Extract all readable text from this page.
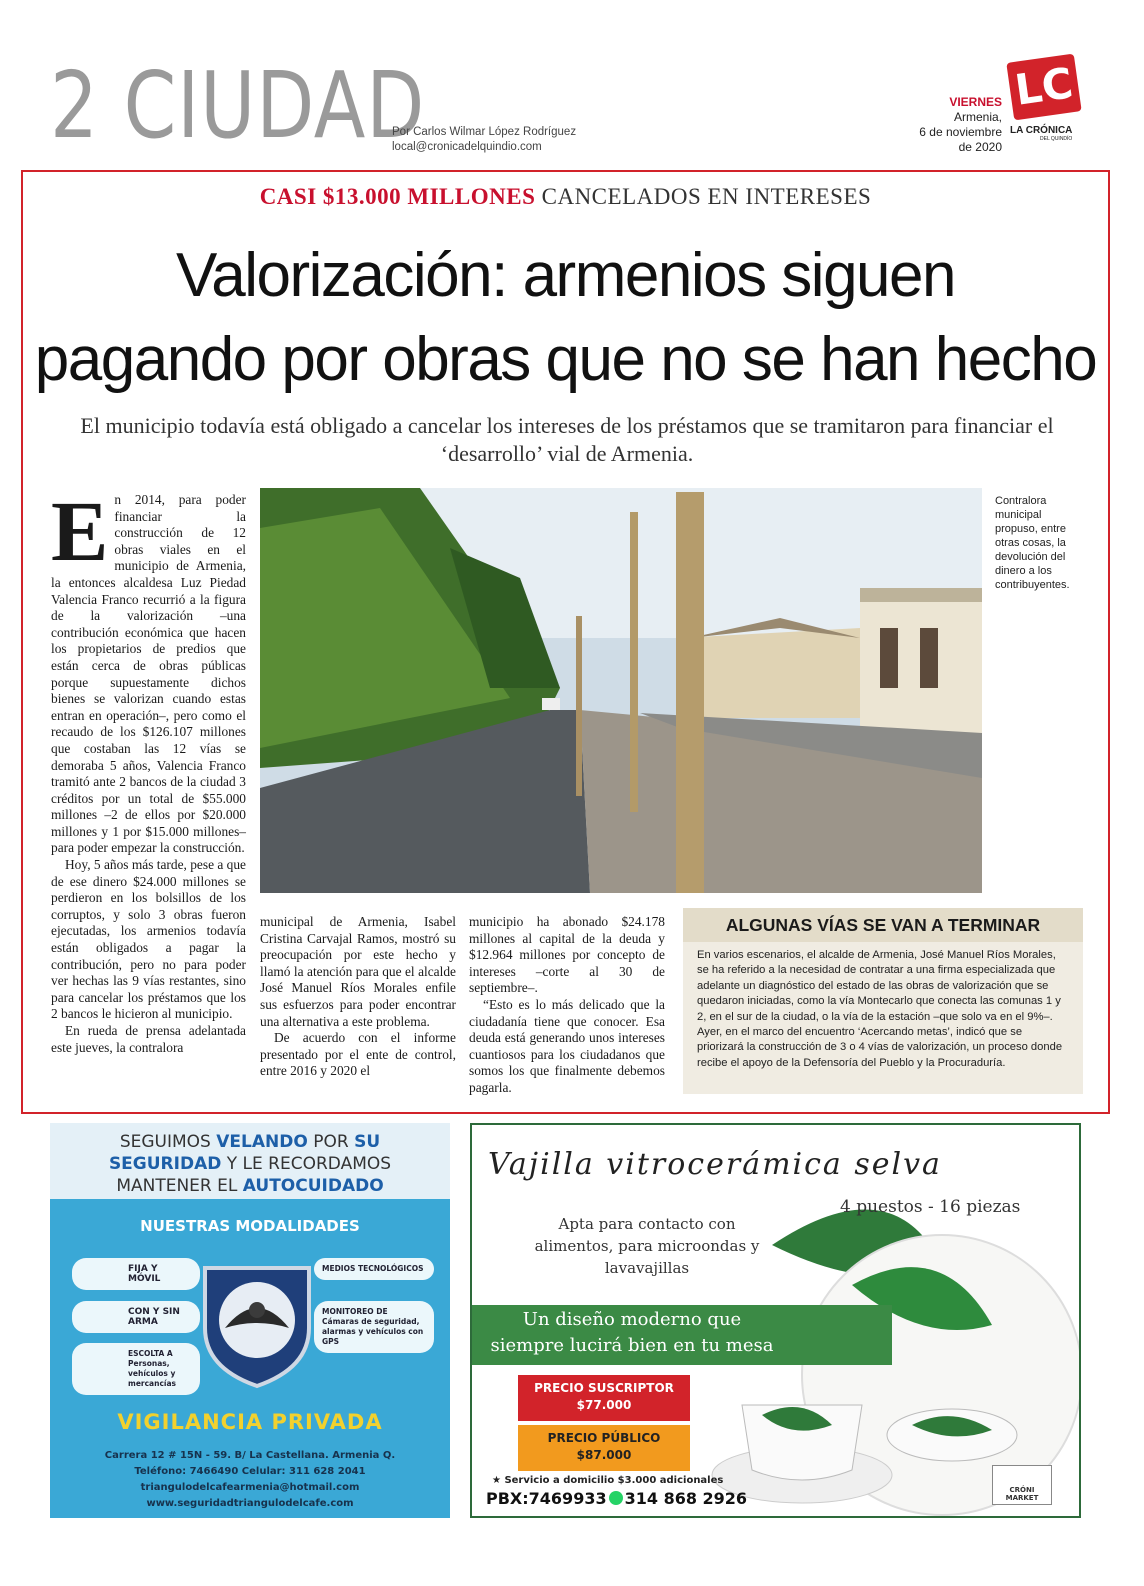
2 CIUDAD
Por Carlos Wilmar López Rodríguez
local@cronicadelquindio.com
VIERNES
Armenia,
6 de noviembre
de 2020
LC
LA CRÓNICA
DEL QUINDÍO
CASI $13.000 MILLONES CANCELADOS EN INTERESES
Valorización: armenios siguen
pagando por obras que no se han hecho
El municipio todavía está obligado a cancelar los intereses de los préstamos que se tramitaron para financiar el ‘desarrollo’ vial de Armenia.

En 2014, para poder financiar la construcción de 12 obras viales en el municipio de Armenia, la entonces alcaldesa Luz Piedad Valencia Franco recurrió a la figura de la valorización –una contribución económica que hacen los propietarios de predios que están cerca de obras públicas porque supuestamente dichos bienes se valorizan cuando estas entran en operación–, pero como el recaudo de los $126.107 millones que costaban las 12 vías se demoraba 5 años, Valencia Franco tramitó ante 2 bancos de la ciudad 3 créditos por un total de $55.000 millones –2 de ellos por $20.000 millones y 1 por $15.000 millones– para poder empezar la construcción.

Hoy, 5 años más tarde, pese a que de ese dinero $24.000 millones se perdieron en los bolsillos de los corruptos, y solo 3 obras fueron ejecutadas, los armenios todavía están obligados a pagar la contribución, pero no para poder ver hechas las 9 vías restantes, sino para cancelar los préstamos que los 2 bancos le hicieron al municipio.

En rueda de prensa adelantada este jueves, la contralora

Contralora municipal propuso, entre otras cosas, la devolución del dinero a los contribuyentes.

municipal de Armenia, Isabel Cristina Carvajal Ramos, mostró su preocupación por este hecho y llamó la atención para que el alcalde José Manuel Ríos Morales enfile sus esfuerzos para poder encontrar una alternativa a este problema.

De acuerdo con el informe presentado por el ente de control, entre 2016 y 2020 el

municipio ha abonado $24.178 millones al capital de la deuda y $12.964 millones por concepto de intereses –corte al 30 de septiembre–.

“Esto es lo más delicado que la ciudadanía tiene que conocer. Esa deuda está generando unos intereses cuantiosos para los ciudadanos que somos los que finalmente debemos pagarla.

ALGUNAS VÍAS SE VAN A TERMINAR
En varios escenarios, el alcalde de Armenia, José Manuel Ríos Morales, se ha referido a la necesidad de contratar a una firma especializada que adelante un diagnóstico del estado de las obras de valorización que se quedaron iniciadas, como la vía Montecarlo que conecta las comunas 1 y 2, en el sur de la ciudad, o la vía de la estación –que solo va en el 9%–.
Ayer, en el marco del encuentro ‘Acercando metas’, indicó que se priorizará la construcción de 3 o 4 vías de valorización, un proceso donde recibe el apoyo de la Defensoría del Pueblo y la Procuraduría.
SEGUIMOS VELANDO POR SU
SEGURIDAD Y LE RECORDAMOS
MANTENER EL AUTOCUIDADO
NUESTRAS MODALIDADES
FIJA Y MÓVIL
CON Y SIN ARMA
ESCOLTA A Personas, vehículos y mercancías
MEDIOS TECNOLÓGICOS
MONITOREO DE Cámaras de seguridad, alarmas y vehículos con GPS
VIGILANCIA PRIVADA
Carrera 12 # 15N - 59. B/ La Castellana. Armenia Q.
Teléfono: 7466490 Celular: 311 628 2041
triangulodelcafearmenia@hotmail.com
www.seguridadtriangulodelcafe.com
Vajilla vitrocerámica selva
4 puestos - 16 piezas
Apta para contacto con
alimentos, para microondas y
lavavajillas
Un diseño moderno que
siempre lucirá bien en tu mesa
PRECIO SUSCRIPTOR
$77.000
PRECIO PÚBLICO
$87.000
★ Servicio a domicilio $3.000 adicionales
PBX:7469933 314 868 2926	CRÓNI MARKET
